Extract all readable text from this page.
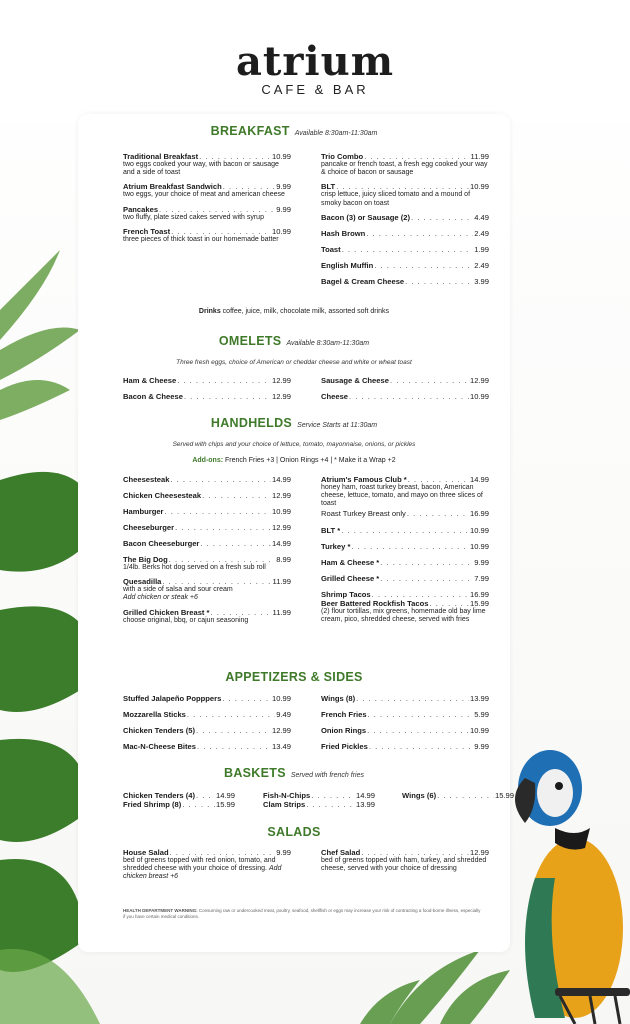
atrium
CAFE & BAR
BREAKFAST Available 8:30am-11:30am
Traditional Breakfast . . .	10.99
two eggs cooked your way, with bacon or sausage and a side of toast
Atrium Breakfast Sandwich . . .	9.99
two eggs, your choice of meat and american cheese
Pancakes . . .	9.99
two fluffy, plate sized cakes served with syrup
French Toast . . .	10.99
three pieces of thick toast in our homemade batter
Trio Combo . . .	11.99
pancake or french toast, a fresh egg cooked your way & choice of bacon or sausage
BLT . . .	10.99
crisp lettuce, juicy sliced tomato and a mound of smoky bacon on toast
Bacon (3) or Sausage (2) . . .	4.49
Hash Brown . . .	2.49
Toast . . .	1.99
English Muffin . . .	2.49
Bagel & Cream Cheese . . .	3.99
Drinks coffee, juice, milk, chocolate milk, assorted soft drinks
OMELETS Available 8:30am-11:30am
Three fresh eggs, choice of American or cheddar cheese and white or wheat toast
Ham & Cheese . . .	12.99
Bacon & Cheese . . .	12.99
Sausage & Cheese . . .	12.99
Cheese . . .	10.99
HANDHELDS Service Starts at 11:30am
Served with chips and your choice of lettuce, tomato, mayonnaise, onions, or pickles
Add-ons: French Fries +3 | Onion Rings +4 | * Make it a Wrap +2
Cheesesteak . . .	14.99
Chicken Cheesesteak . . .	12.99
Hamburger . . .	10.99
Cheeseburger . . .	12.99
Bacon Cheeseburger . . .	14.99
The Big Dog . . .	8.99
1/4lb. Berks hot dog served on a fresh sub roll
Quesadilla . . .	11.99
with a side of salsa and sour cream
Add chicken or steak +6
Grilled Chicken Breast * . . .	11.99
choose original, bbq, or cajun seasoning
Atrium's Famous Club * . . .	14.99
honey ham, roast turkey breast, bacon, American cheese, lettuce, tomato, and mayo on three slices of toast
Roast Turkey Breast only . . .	16.99
BLT * . . .	10.99
Turkey * . . .	10.99
Ham & Cheese * . . .	9.99
Grilled Cheese * . . .	7.99
Shrimp Tacos . . .	16.99
Beer Battered Rockfish Tacos . . .	15.99
(2) flour tortillas, mix greens, homemade old bay lime cream, pico, shredded cheese, served with fries
APPETIZERS & SIDES
Stuffed Jalapeño Popppers . . .	10.99
Mozzarella Sticks . . .	9.49
Chicken Tenders (5) . . .	12.99
Mac-N-Cheese Bites . . .	13.49
Wings (8) . . .	13.99
French Fries . . .	5.99
Onion Rings . . .	10.99
Fried Pickles . . .	9.99
BASKETS Served with french fries
Chicken Tenders (4) . . .	14.99
Fried Shrimp (8) . . .	15.99
Fish-N-Chips . . .	14.99
Clam Strips . . .	13.99
Wings (6) . . .	15.99
SALADS
House Salad . . .	9.99
bed of greens topped with red onion, tomato, and shredded cheese with your choice of dressing. Add chicken breast +6
Chef Salad . . .	12.99
bed of greens topped with ham, turkey, and shredded cheese, served with your choice of dressing
HEALTH DEPARTMENT WARNING: Consuming raw or undercooked meat, poultry, seafood, shellfish or eggs may increase your risk of contracting a food-borne illness, especially if you have certain medical conditions.
